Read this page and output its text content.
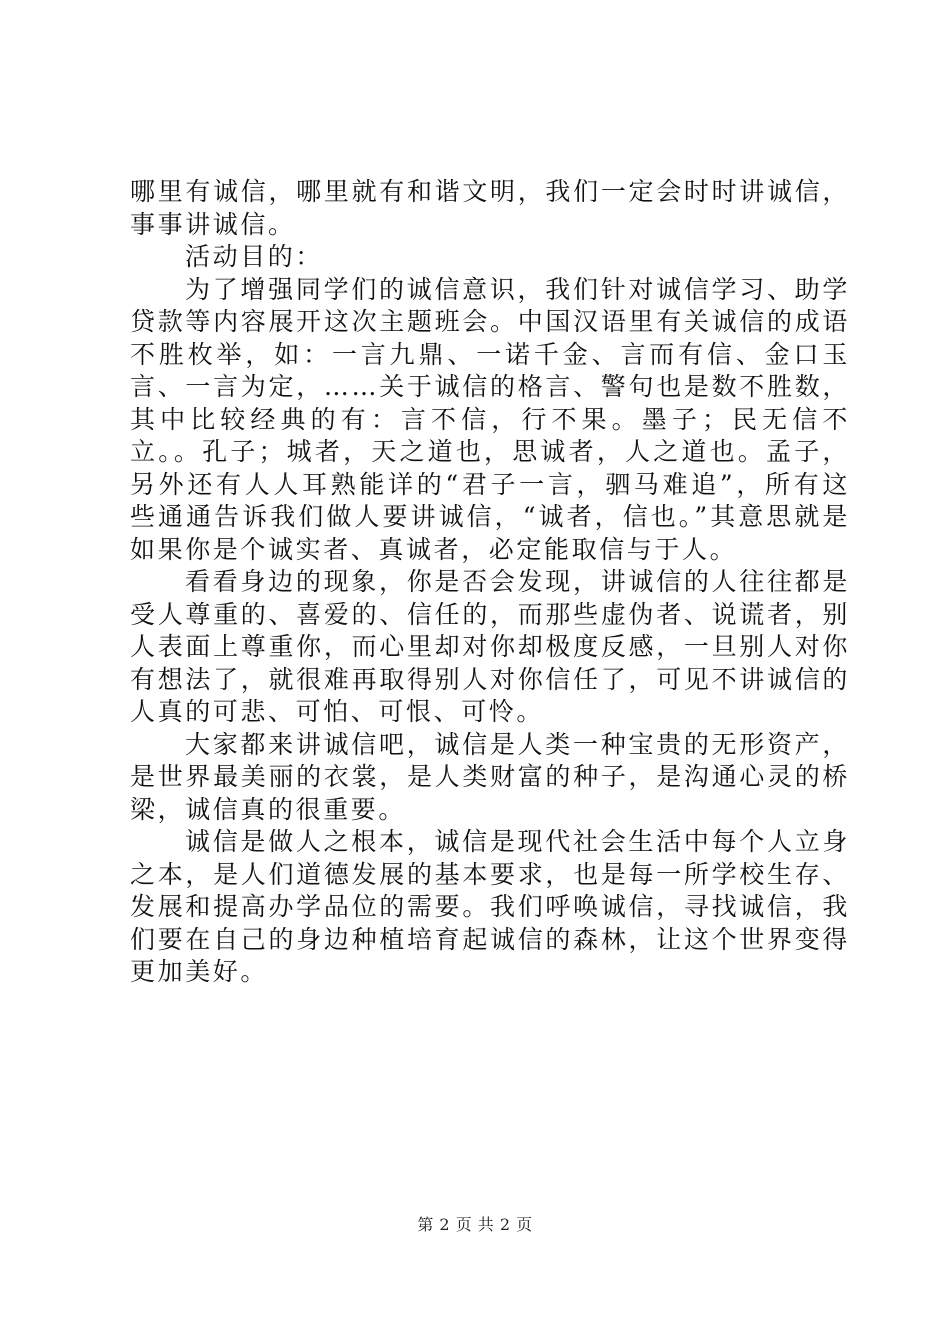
哪里有诚信，哪里就有和谐文明，我们一定会时时讲诚信，事事讲诚信。

活动目的：

为了增强同学们的诚信意识，我们针对诚信学习、助学贷款等内容展开这次主题班会。中国汉语里有关诚信的成语不胜枚举，如：一言九鼎、一诺千金、言而有信、金口玉言、一言为定，……关于诚信的格言、警句也是数不胜数，其中比较经典的有：言不信，行不果。墨子；民无信不立。。孔子；城者，天之道也，思诚者，人之道也。孟子，另外还有人人耳熟能详的“君子一言，驷马难追”，所有这些通通告诉我们做人要讲诚信，“诚者，信也。”其意思就是如果你是个诚实者、真诚者，必定能取信与于人。

看看身边的现象，你是否会发现，讲诚信的人往往都是受人尊重的、喜爱的、信任的，而那些虚伪者、说谎者，别人表面上尊重你，而心里却对你却极度反感，一旦别人对你有想法了，就很难再取得别人对你信任了，可见不讲诚信的人真的可悲、可怕、可恨、可怜。

大家都来讲诚信吧，诚信是人类一种宝贵的无形资产，是世界最美丽的衣裳，是人类财富的种子，是沟通心灵的桥梁，诚信真的很重要。

诚信是做人之根本，诚信是现代社会生活中每个人立身之本，是人们道德发展的基本要求，也是每一所学校生存、发展和提高办学品位的需要。我们呼唤诚信，寻找诚信，我们要在自己的身边种植培育起诚信的森林，让这个世界变得更加美好。

第 2 页 共 2 页
